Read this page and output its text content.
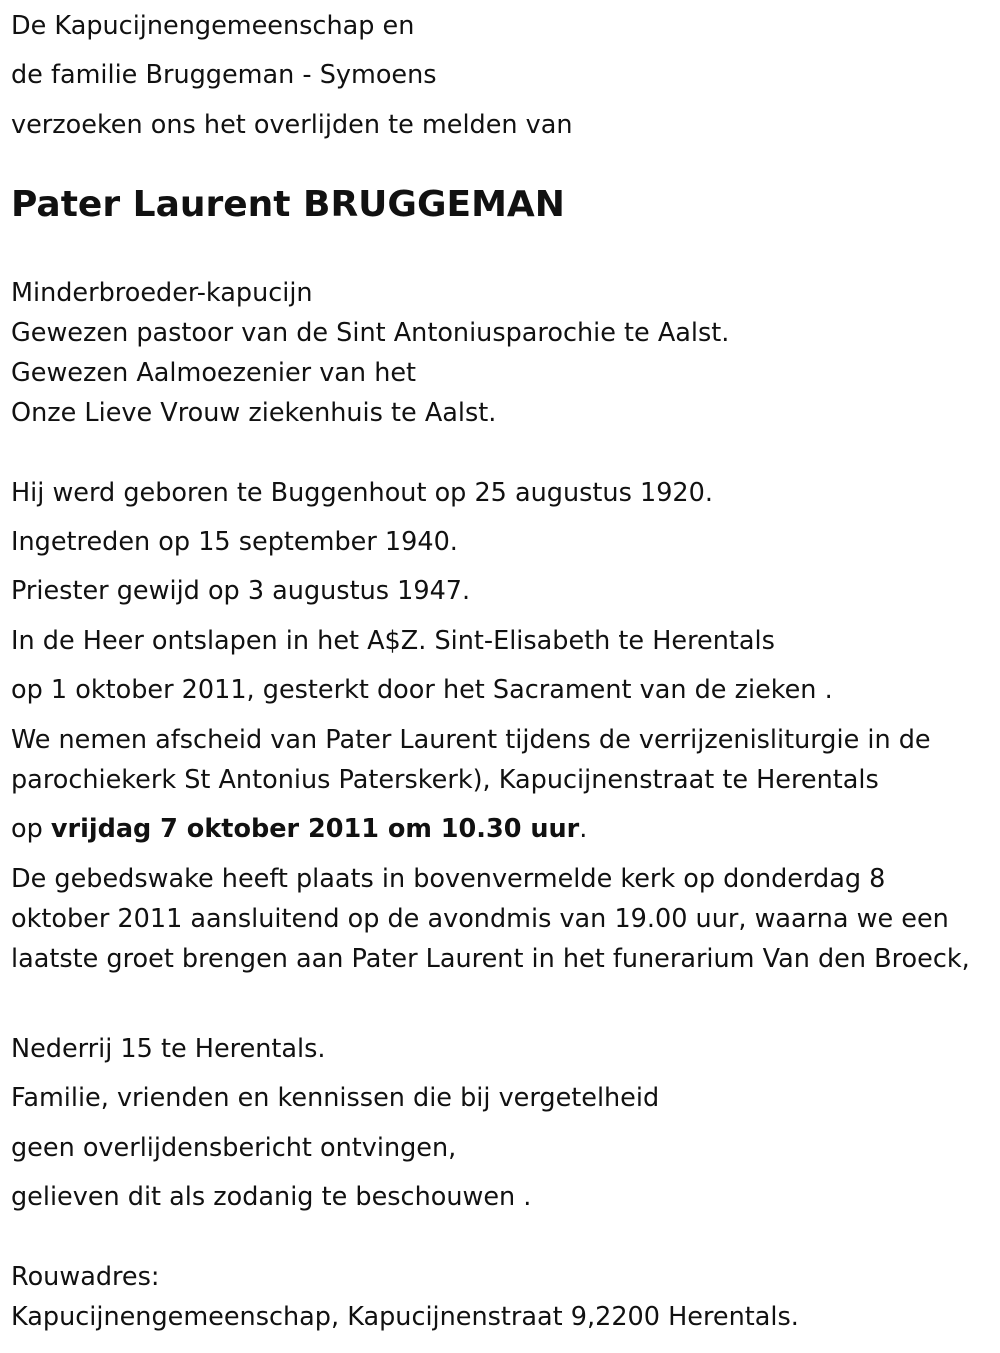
De Kapucijnengemeenschap en
de familie Bruggeman - Symoens
verzoeken ons het overlijden te melden van
Pater Laurent BRUGGEMAN
Minderbroeder-kapucijn
Gewezen pastoor van de Sint Antoniusparochie te Aalst.
Gewezen Aalmoezenier van het
Onze Lieve Vrouw ziekenhuis te Aalst.
Hij werd geboren te Buggenhout op 25 augustus 1920.
Ingetreden op 15 september 1940.
Priester gewijd op 3 augustus 1947.
In de Heer ontslapen in het A$Z. Sint-Elisabeth te Herentals
op 1 oktober 2011, gesterkt door het Sacrament van de zieken .
We nemen afscheid van Pater Laurent tijdens de verrijzenisliturgie in de parochiekerk St Antonius Paterskerk), Kapucijnenstraat te Herentals
op vrijdag 7 oktober 2011 om 10.30 uur.
De gebedswake heeft plaats in bovenvermelde kerk op donderdag 8 oktober 2011 aansluitend op de avondmis van 19.00 uur, waarna we een laatste groet brengen aan Pater Laurent in het funerarium Van den Broeck,
Nederrij 15 te Herentals.
Familie, vrienden en kennissen die bij vergetelheid
geen overlijdensbericht ontvingen,
gelieven dit als zodanig te beschouwen .
Rouwadres:
Kapucijnengemeenschap, Kapucijnenstraat 9,2200 Herentals.
